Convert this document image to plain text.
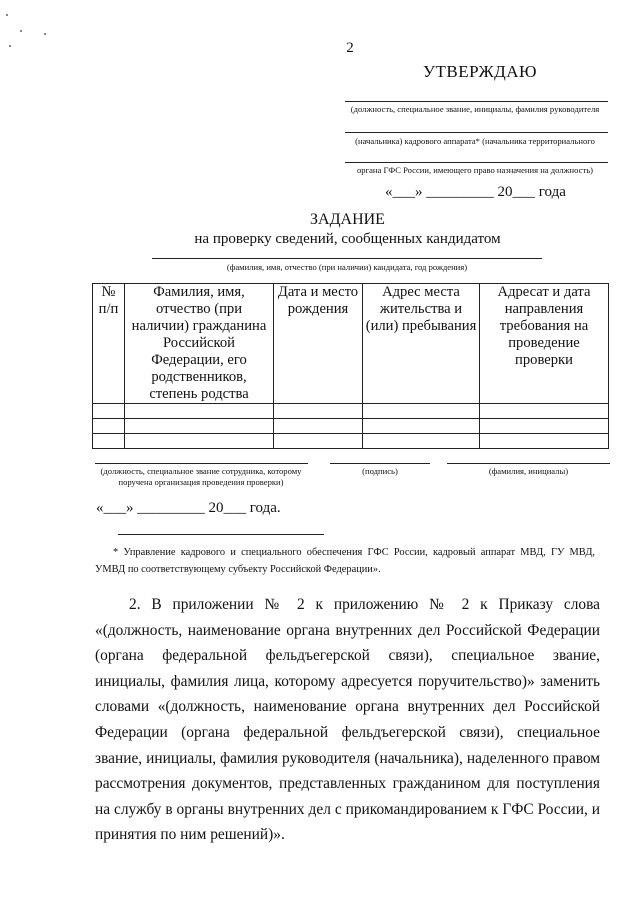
2
УТВЕРЖДАЮ
(должность, специальное звание, инициалы, фамилия руководителя
(начальника) кадрового аппарата* (начальника территориального
органа ГФС России, имеющего право назначения на должность)
«___» _________ 20___ года
ЗАДАНИЕ
на проверку сведений, сообщенных кандидатом
(фамилия, имя, отчество (при наличии) кандидата, год рождения)
№ п/п	Фамилия, имя, отчество (при наличии) гражданина Российской Федерации, его родственников, степень родства	Дата и место рождения	Адрес места жительства и (или) пребывания	Адресат и дата направления требования на проведение проверки

(должность, специальное звание сотрудника, которому поручена организация проведения проверки)
(подпись)	(фамилия, инициалы)
«___» _________ 20___ года.
* Управление кадрового и специального обеспечения ГФС России, кадровый аппарат МВД, ГУ МВД, УМВД по соответствующему субъекту Российской Федерации».
2. В приложении № 2 к приложению № 2 к Приказу слова «(должность, наименование органа внутренних дел Российской Федерации (органа федеральной фельдъегерской связи), специальное звание, инициалы, фамилия лица, которому адресуется поручительство)» заменить словами «(должность, наименование органа внутренних дел Российской Федерации (органа федеральной фельдъегерской связи), специальное звание, инициалы, фамилия руководителя (начальника), наделенного правом рассмотрения документов, представленных гражданином для поступления на службу в органы внутренних дел с прикомандированием к ГФС России, и принятия по ним решений)».
